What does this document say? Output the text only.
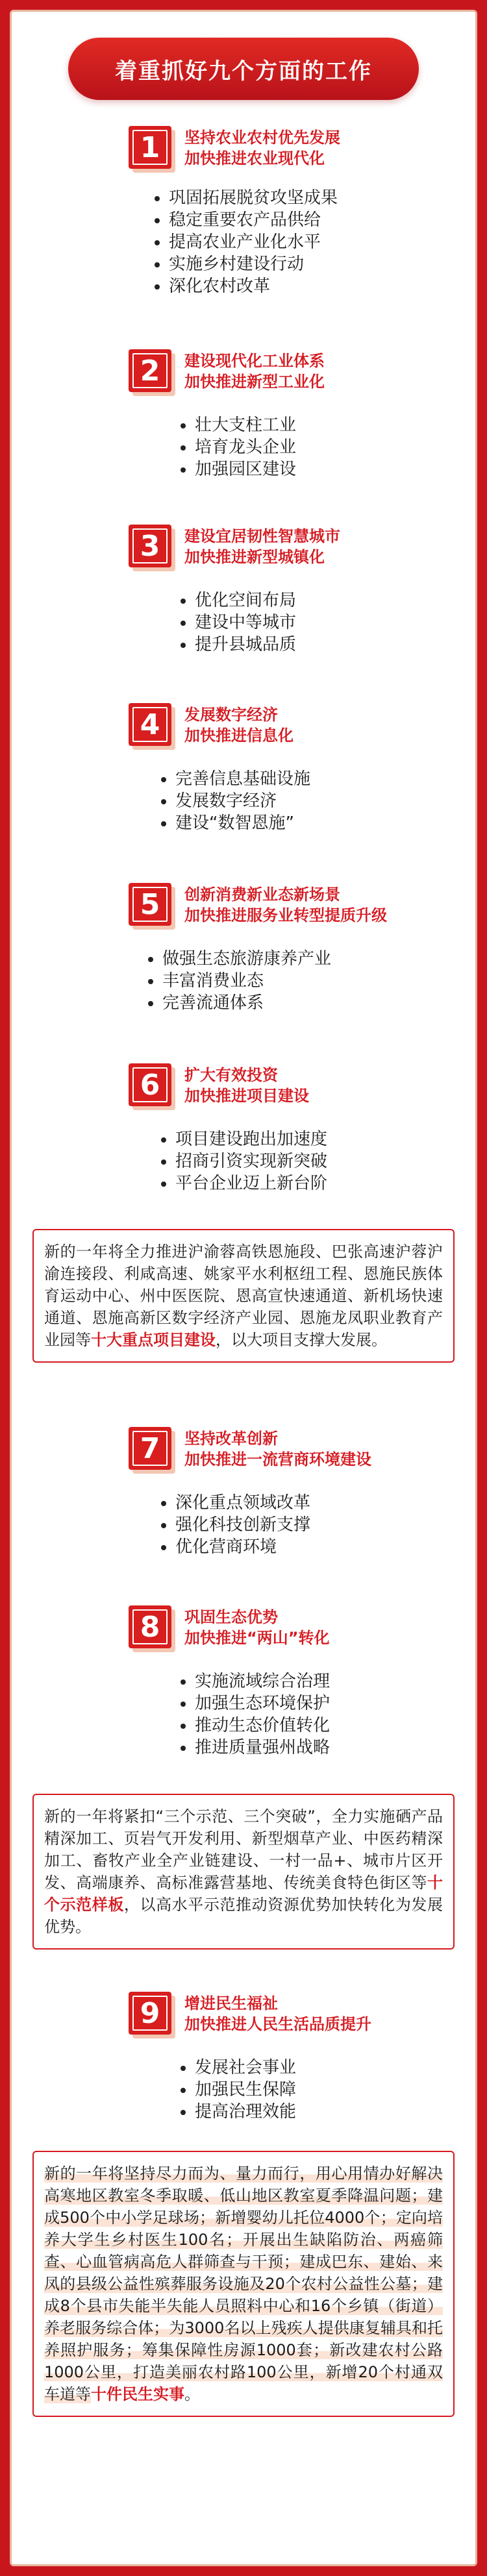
着重抓好九个方面的工作
1 坚持农业农村优先发展
加快推进农业现代化
巩固拓展脱贫攻坚成果
稳定重要农产品供给
提高农业产业化水平
实施乡村建设行动
深化农村改革
2 建设现代化工业体系
加快推进新型工业化
壮大支柱工业
培育龙头企业
加强园区建设
3 建设宜居韧性智慧城市
加快推进新型城镇化
优化空间布局
建设中等城市
提升县城品质
4 发展数字经济
加快推进信息化
完善信息基础设施
发展数字经济
建设“数智恩施”
5 创新消费新业态新场景
加快推进服务业转型提质升级
做强生态旅游康养产业
丰富消费业态
完善流通体系
6 扩大有效投资
加快推进项目建设
项目建设跑出加速度
招商引资实现新突破
平台企业迈上新台阶
新的一年将全力推进沪渝蓉高铁恩施段、巴张高速沪蓉沪渝连接段、利咸高速、姚家平水利枢纽工程、恩施民族体育运动中心、州中医医院、恩高宣快速通道、新机场快速通道、恩施高新区数字经济产业园、恩施龙凤职业教育产业园等十大重点项目建设，以大项目支撑大发展。
7 坚持改革创新
加快推进一流营商环境建设
深化重点领域改革
强化科技创新支撑
优化营商环境
8 巩固生态优势
加快推进“两山”转化
实施流域综合治理
加强生态环境保护
推动生态价值转化
推进质量强州战略
新的一年将紧扣“三个示范、三个突破”，全力实施硒产品精深加工、页岩气开发利用、新型烟草产业、中医药精深加工、畜牧产业全产业链建设、一村一品+、城市片区开发、高端康养、高标准露营基地、传统美食特色街区等十个示范样板，以高水平示范推动资源优势加快转化为发展优势。
9 增进民生福祉
加快推进人民生活品质提升
发展社会事业
加强民生保障
提高治理效能
新的一年将坚持尽力而为、量力而行，用心用情办好解决高寒地区教室冬季取暖、低山地区教室夏季降温问题；建成500个中小学足球场；新增婴幼儿托位4000个；定向培养大学生乡村医生100名；开展出生缺陷防治、两癌筛查、心血管病高危人群筛查与干预；建成巴东、建始、来凤的县级公益性殡葬服务设施及20个农村公益性公墓；建成8个县市失能半失能人员照料中心和16个乡镇（街道）养老服务综合体；为3000名以上残疾人提供康复辅具和托养照护服务；筹集保障性房源1000套；新改建农村公路1000公里，打造美丽农村路100公里，新增20个村通双车道等十件民生实事。
